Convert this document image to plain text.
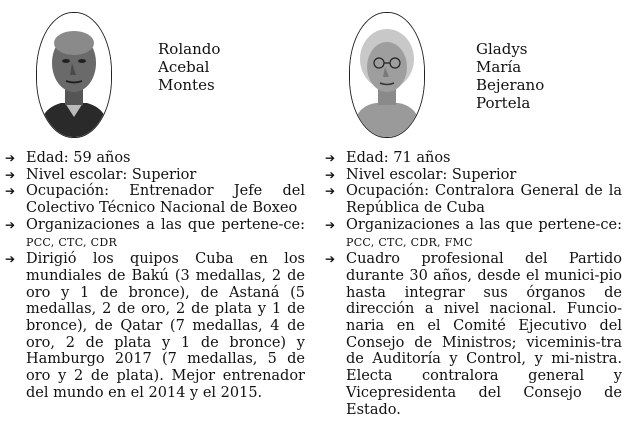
Rolando
Acebal
Montes
➔ Edad: 59 años
➔ Nivel escolar: Superior
➔ Ocupación: Entrenador Jefe del Colectivo Técnico Nacional de Boxeo
➔ Organizaciones a las que pertene-ce: PCC, CTC, CDR
➔ Dirigió los quipos Cuba en los mundiales de Bakú (3 medallas, 2 de oro y 1 de bronce), de Astaná (5 medallas, 2 de oro, 2 de plata y 1 de bronce), de Qatar (7 medallas, 4 de oro, 2 de plata y 1 de bronce) y Hamburgo 2017 (7 medallas, 5 de oro y 2 de plata). Mejor entrenador del mundo en el 2014 y el 2015.
Gladys
María
Bejerano
Portela
➔ Edad: 71 años
➔ Nivel escolar: Superior
➔ Ocupación: Contralora General de la República de Cuba
➔ Organizaciones a las que pertene-ce: PCC, CTC, CDR, FMC
➔ Cuadro profesional del Partido durante 30 años, desde el munici-pio hasta integrar sus órganos de dirección a nivel nacional. Funcio-naria en el Comité Ejecutivo del Consejo de Ministros; viceminis-tra de Auditoría y Control, y mi-nistra. Electa contralora general y Vicepresidenta del Consejo de Estado.
